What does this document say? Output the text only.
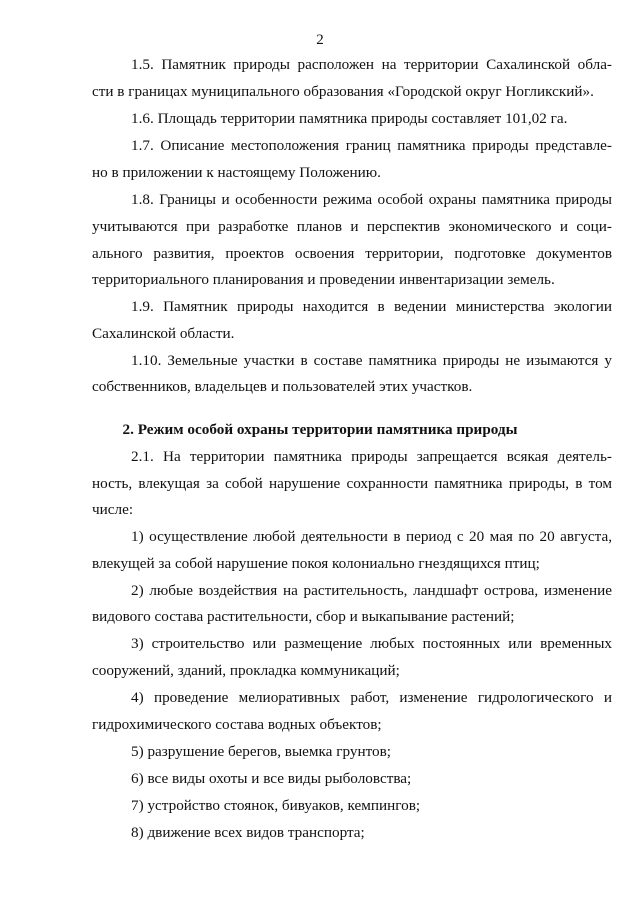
2
1.5. Памятник природы расположен на территории Сахалинской обла-
сти в границах муниципального образования «Городской округ Ногликский».
1.6. Площадь территории памятника природы составляет 101,02 га.
1.7. Описание местоположения границ памятника природы представле-
но в приложении к настоящему Положению.
1.8. Границы и особенности режима особой охраны памятника природы
учитываются при разработке планов и перспектив экономического и соци-
ального развития, проектов освоения территории, подготовке документов
территориального планирования и проведении инвентаризации земель.
1.9. Памятник природы находится в ведении министерства экологии
Сахалинской области.
1.10. Земельные участки в составе памятника природы не изымаются у
собственников, владельцев и пользователей этих участков.
2. Режим особой охраны территории памятника природы
2.1. На территории памятника природы запрещается всякая деятель-
ность, влекущая за собой нарушение сохранности памятника природы, в том
числе:
1) осуществление любой деятельности в период с 20 мая по 20 августа,
влекущей за собой нарушение покоя колониально гнездящихся птиц;
2) любые воздействия на растительность, ландшафт острова, изменение
видового состава растительности, сбор и выкапывание растений;
3) строительство или размещение любых постоянных или временных
сооружений, зданий, прокладка коммуникаций;
4) проведение мелиоративных работ, изменение гидрологического и
гидрохимического состава водных объектов;
5) разрушение берегов, выемка грунтов;
6) все виды охоты и все виды рыболовства;
7) устройство стоянок, бивуаков, кемпингов;
8) движение всех видов транспорта;
